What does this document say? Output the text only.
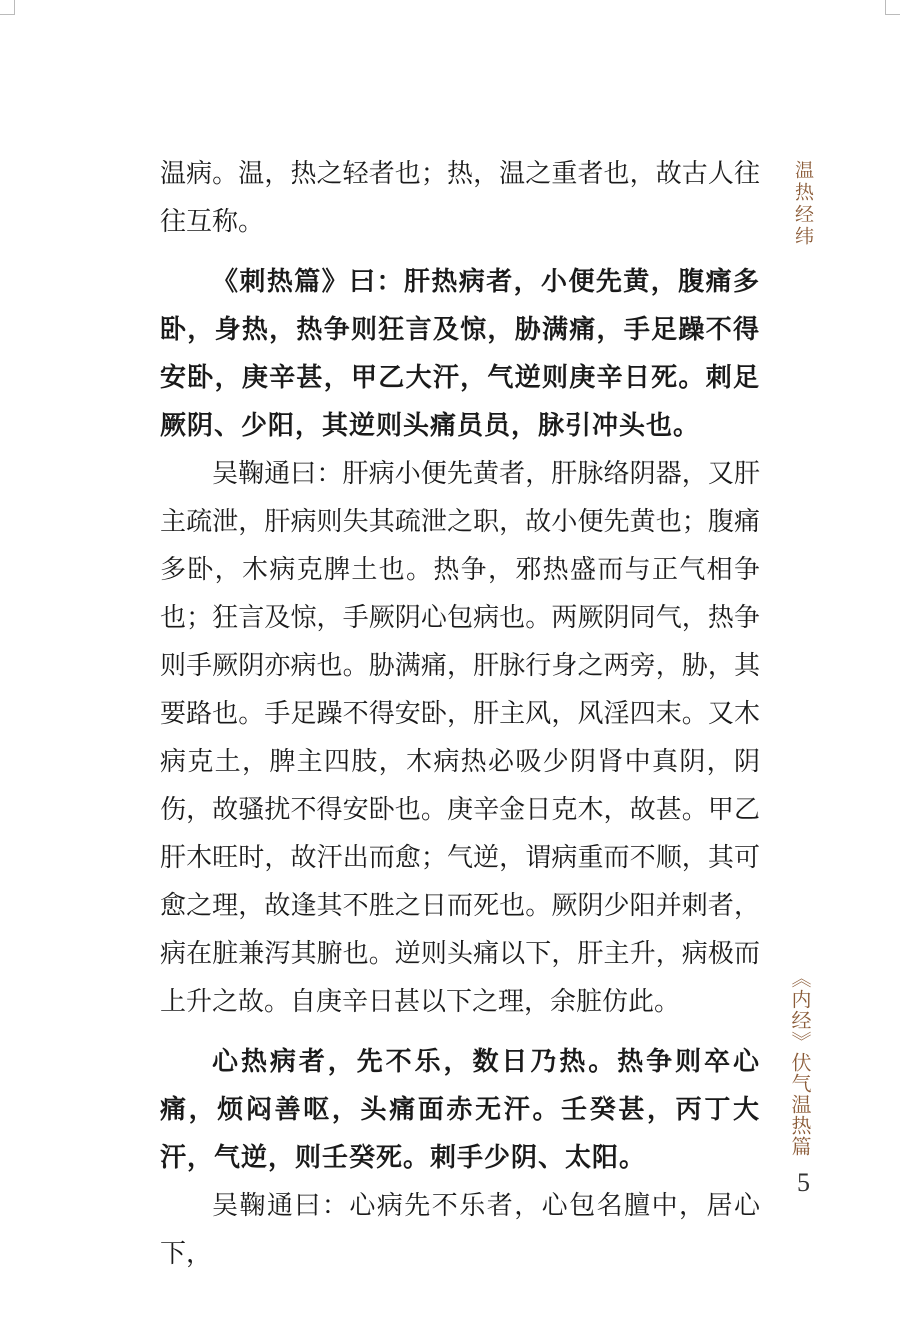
温病。温，热之轻者也；热，温之重者也，故古人往往互称。

《刺热篇》曰：肝热病者，小便先黄，腹痛多卧，身热，热争则狂言及惊，胁满痛，手足躁不得安卧，庚辛甚，甲乙大汗，气逆则庚辛日死。刺足厥阴、少阳，其逆则头痛员员，脉引冲头也。

吴鞠通曰：肝病小便先黄者，肝脉络阴器，又肝主疏泄，肝病则失其疏泄之职，故小便先黄也；腹痛多卧，木病克脾土也。热争，邪热盛而与正气相争也；狂言及惊，手厥阴心包病也。两厥阴同气，热争则手厥阴亦病也。胁满痛，肝脉行身之两旁，胁，其要路也。手足躁不得安卧，肝主风，风淫四末。又木病克土，脾主四肢，木病热必吸少阴肾中真阴，阴伤，故骚扰不得安卧也。庚辛金日克木，故甚。甲乙肝木旺时，故汗出而愈；气逆，谓病重而不顺，其可愈之理，故逢其不胜之日而死也。厥阴少阳并刺者，病在脏兼泻其腑也。逆则头痛以下，肝主升，病极而上升之故。自庚辛日甚以下之理，余脏仿此。

心热病者，先不乐，数日乃热。热争则卒心痛，烦闷善呕，头痛面赤无汗。壬癸甚，丙丁大汗，气逆，则壬癸死。刺手少阴、太阳。

吴鞠通曰：心病先不乐者，心包名膻中，居心下，

温热经纬
《内经》伏气温热篇
5
